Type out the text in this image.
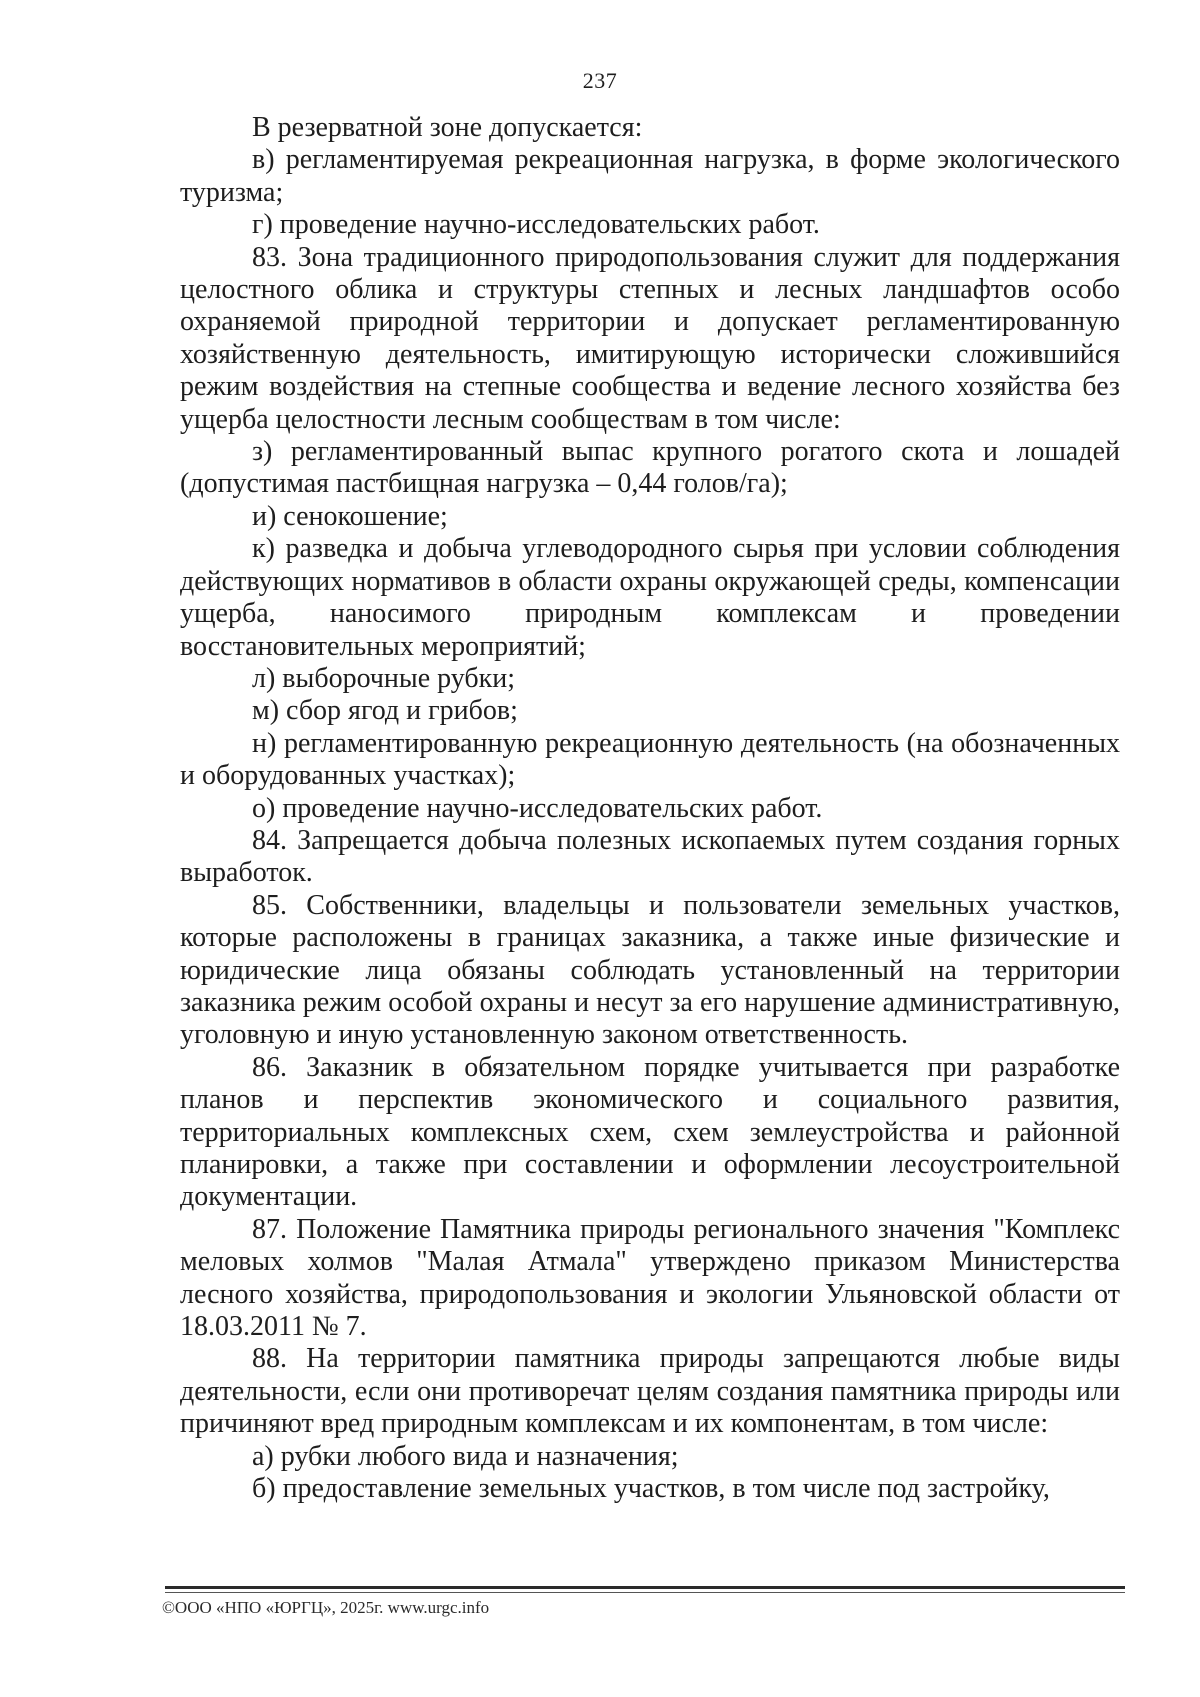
237

В резерватной зоне допускается:

в) регламентируемая рекреационная нагрузка, в форме экологического туризма;

г) проведение научно-исследовательских работ.

83. Зона традиционного природопользования служит для поддержания целостного облика и структуры степных и лесных ландшафтов особо охраняемой природной территории и допускает регламентированную хозяйственную деятельность, имитирующую исторически сложившийся режим воздействия на степные сообщества и ведение лесного хозяйства без ущерба целостности лесным сообществам в том числе:

з) регламентированный выпас крупного рогатого скота и лошадей (допустимая пастбищная нагрузка – 0,44 голов/га);

и) сенокошение;

к) разведка и добыча углеводородного сырья при условии соблюдения действующих нормативов в области охраны окружающей среды, компенсации ущерба, наносимого природным комплексам и проведении восстановительных мероприятий;

л) выборочные рубки;

м) сбор ягод и грибов;

н) регламентированную рекреационную деятельность (на обозначенных и оборудованных участках);

о) проведение научно-исследовательских работ.

84. Запрещается добыча полезных ископаемых путем создания горных выработок.

85. Собственники, владельцы и пользователи земельных участков, которые расположены в границах заказника, а также иные физические и юридические лица обязаны соблюдать установленный на территории заказника режим особой охраны и несут за его нарушение административную, уголовную и иную установленную законом ответственность.

86. Заказник в обязательном порядке учитывается при разработке планов и перспектив экономического и социального развития, территориальных комплексных схем, схем землеустройства и районной планировки, а также при составлении и оформлении лесоустроительной документации.

87. Положение Памятника природы регионального значения "Комплекс меловых холмов "Малая Атмала" утверждено приказом Министерства лесного хозяйства, природопользования и экологии Ульяновской области от 18.03.2011 № 7.

88. На территории памятника природы запрещаются любые виды деятельности, если они противоречат целям создания памятника природы или причиняют вред природным комплексам и их компонентам, в том числе:

а) рубки любого вида и назначения;

б) предоставление земельных участков, в том числе под застройку,

©ООО «НПО «ЮРГЦ», 2025г. www.urgc.info
